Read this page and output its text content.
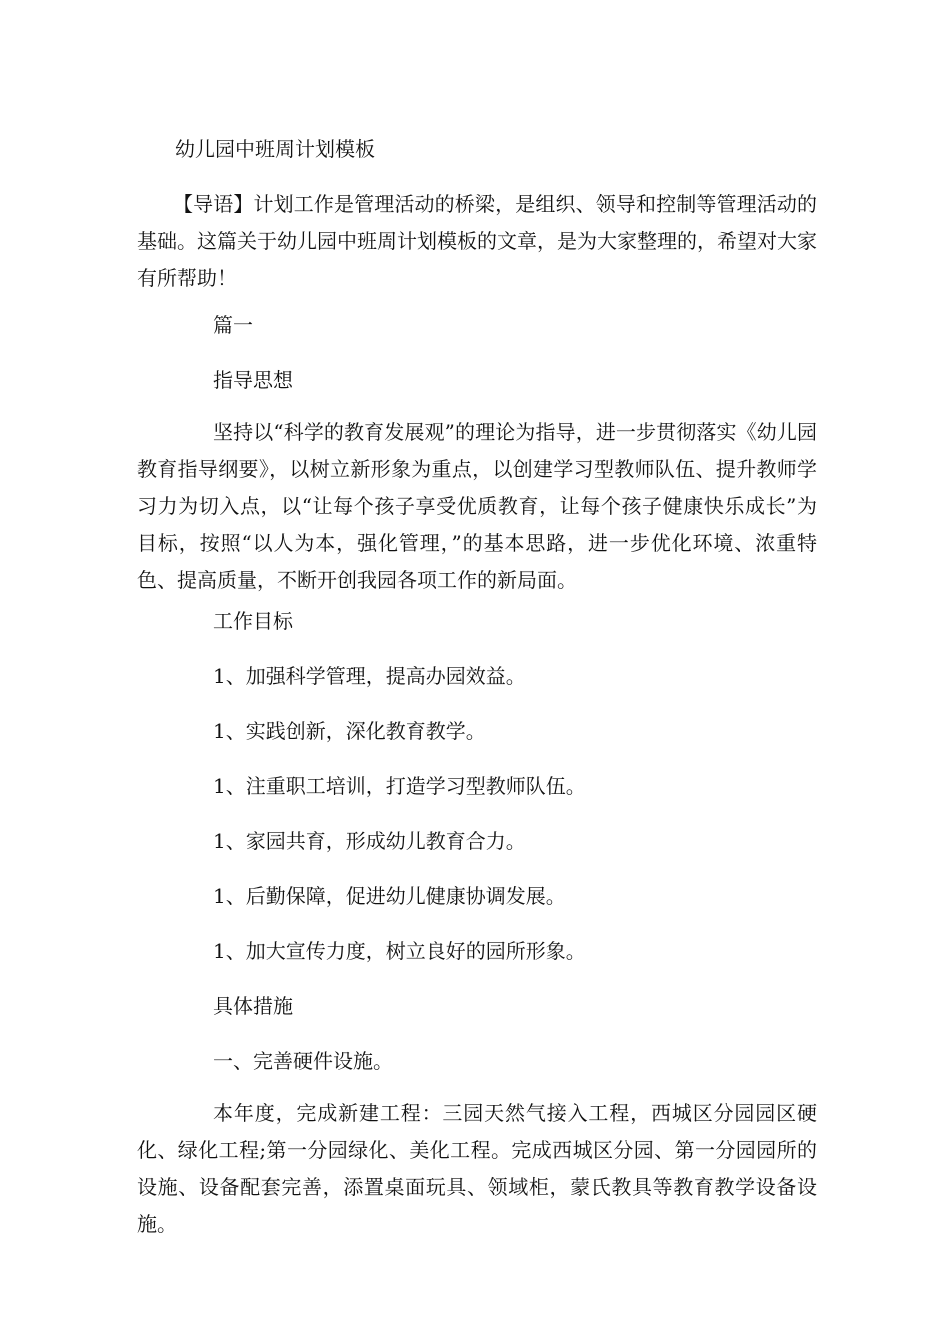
幼儿园中班周计划模板
【导语】计划工作是管理活动的桥梁，是组织、领导和控制等管理活动的基础。这篇关于幼儿园中班周计划模板的文章，是为大家整理的，希望对大家有所帮助！
篇一
指导思想
坚持以“科学的教育发展观”的理论为指导，进一步贯彻落实《幼儿园教育指导纲要》，以树立新形象为重点，以创建学习型教师队伍、提升教师学习力为切入点，以“让每个孩子享受优质教育，让每个孩子健康快乐成长”为目标，按照“以人为本，强化管理，”的基本思路，进一步优化环境、浓重特色、提高质量，不断开创我园各项工作的新局面。
工作目标
1、加强科学管理，提高办园效益。
1、实践创新，深化教育教学。
1、注重职工培训，打造学习型教师队伍。
1、家园共育，形成幼儿教育合力。
1、后勤保障，促进幼儿健康协调发展。
1、加大宣传力度，树立良好的园所形象。
具体措施
一、完善硬件设施。
本年度，完成新建工程：三园天然气接入工程，西城区分园园区硬化、绿化工程;第一分园绿化、美化工程。完成西城区分园、第一分园园所的设施、设备配套完善，添置桌面玩具、领域柜，蒙氏教具等教育教学设备设施。
